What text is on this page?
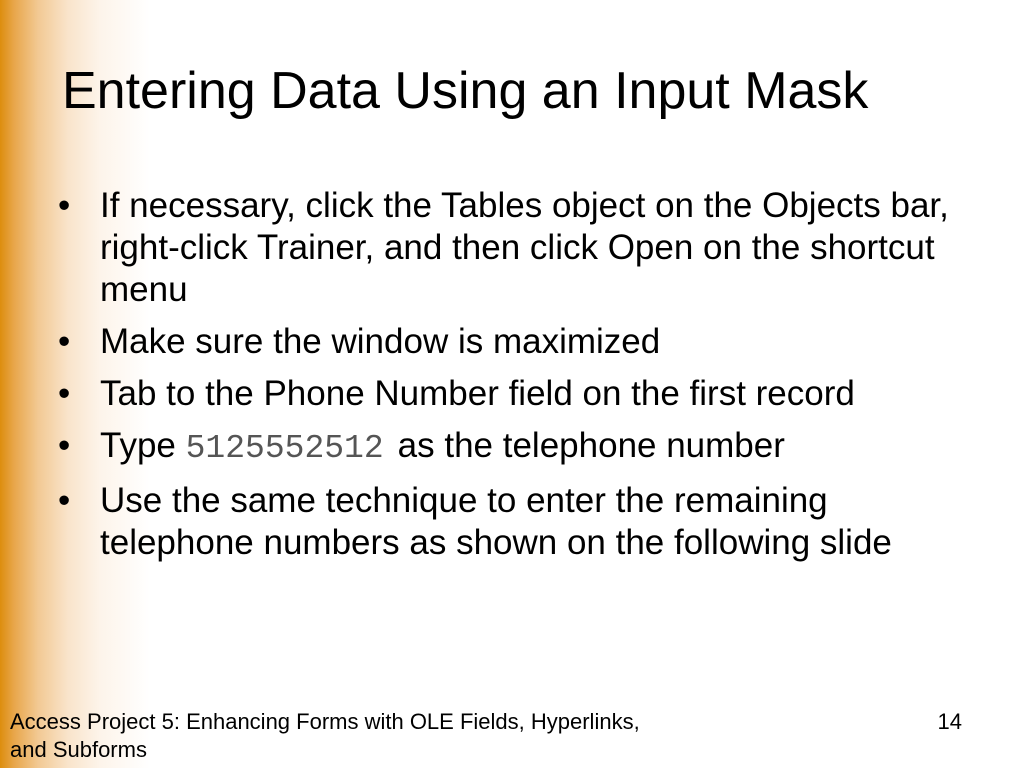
Entering Data Using an Input Mask
• If necessary, click the Tables object on the Objects bar, right-click Trainer, and then click Open on the shortcut menu
• Make sure the window is maximized
• Tab to the Phone Number field on the first record
• Type 5125552512 as the telephone number
• Use the same technique to enter the remaining telephone numbers as shown on the following slide
Access Project 5: Enhancing Forms with OLE Fields, Hyperlinks, and Subforms
14
